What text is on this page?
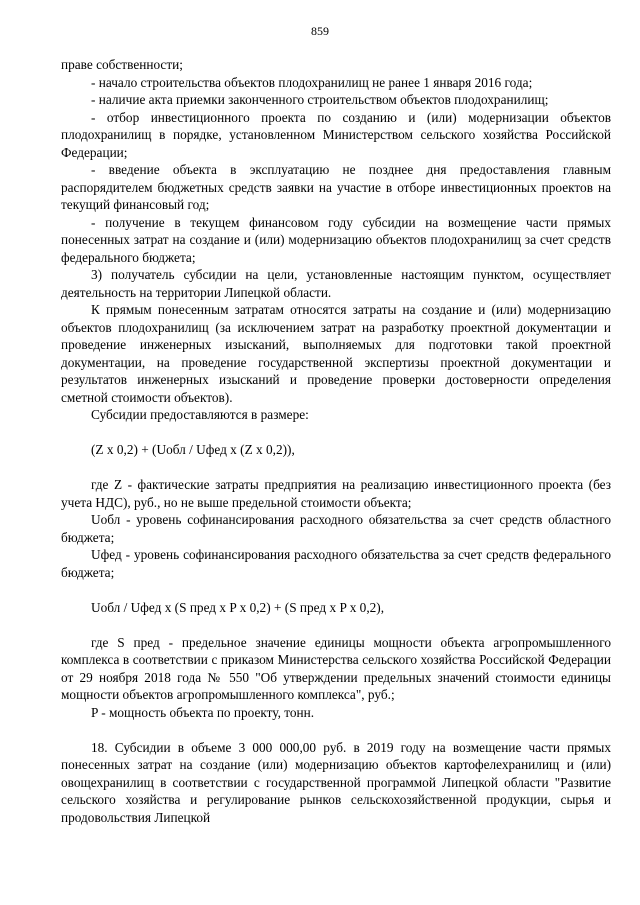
859

праве собственности;

- начало строительства объектов плодохранилищ не ранее 1 января 2016 года;

- наличие акта приемки законченного строительством объектов плодохранилищ;

- отбор инвестиционного проекта по созданию и (или) модернизации объектов плодохранилищ в порядке, установленном Министерством сельского хозяйства Российской Федерации;

- введение объекта в эксплуатацию не позднее дня предоставления главным распорядителем бюджетных средств заявки на участие в отборе инвестиционных проектов на текущий финансовый год;

- получение в текущем финансовом году субсидии на возмещение части прямых понесенных затрат на создание и (или) модернизацию объектов плодохранилищ за счет средств федерального бюджета;

3) получатель субсидии на цели, установленные настоящим пунктом, осуществляет деятельность на территории Липецкой области.

К прямым понесенным затратам относятся затраты на создание и (или) модернизацию объектов плодохранилищ (за исключением затрат на разработку проектной документации и проведение инженерных изысканий, выполняемых для подготовки такой проектной документации, на проведение государственной экспертизы проектной документации и результатов инженерных изысканий и проведение проверки достоверности определения сметной стоимости объектов).

Субсидии предоставляются в размере:

(Z x 0,2) + (Uобл / Uфед x (Z x 0,2)),

где Z - фактические затраты предприятия на реализацию инвестиционного проекта (без учета НДС), руб., но не выше предельной стоимости объекта;

Uобл - уровень софинансирования расходного обязательства за счет средств областного бюджета;

Uфед - уровень софинансирования расходного обязательства за счет средств федерального бюджета;

Uобл / Uфед x (S пред x P x 0,2) + (S пред x P x 0,2),

где S пред - предельное значение единицы мощности объекта агропромышленного комплекса в соответствии с приказом Министерства сельского хозяйства Российской Федерации от 29 ноября 2018 года № 550 "Об утверждении предельных значений стоимости единицы мощности объектов агропромышленного комплекса", руб.;

P - мощность объекта по проекту, тонн.

18. Субсидии в объеме 3 000 000,00 руб. в 2019 году на возмещение части прямых понесенных затрат на создание (или) модернизацию объектов картофелехранилищ и (или) овощехранилищ в соответствии с государственной программой Липецкой области "Развитие сельского хозяйства и регулирование рынков сельскохозяйственной продукции, сырья и продовольствия Липецкой
